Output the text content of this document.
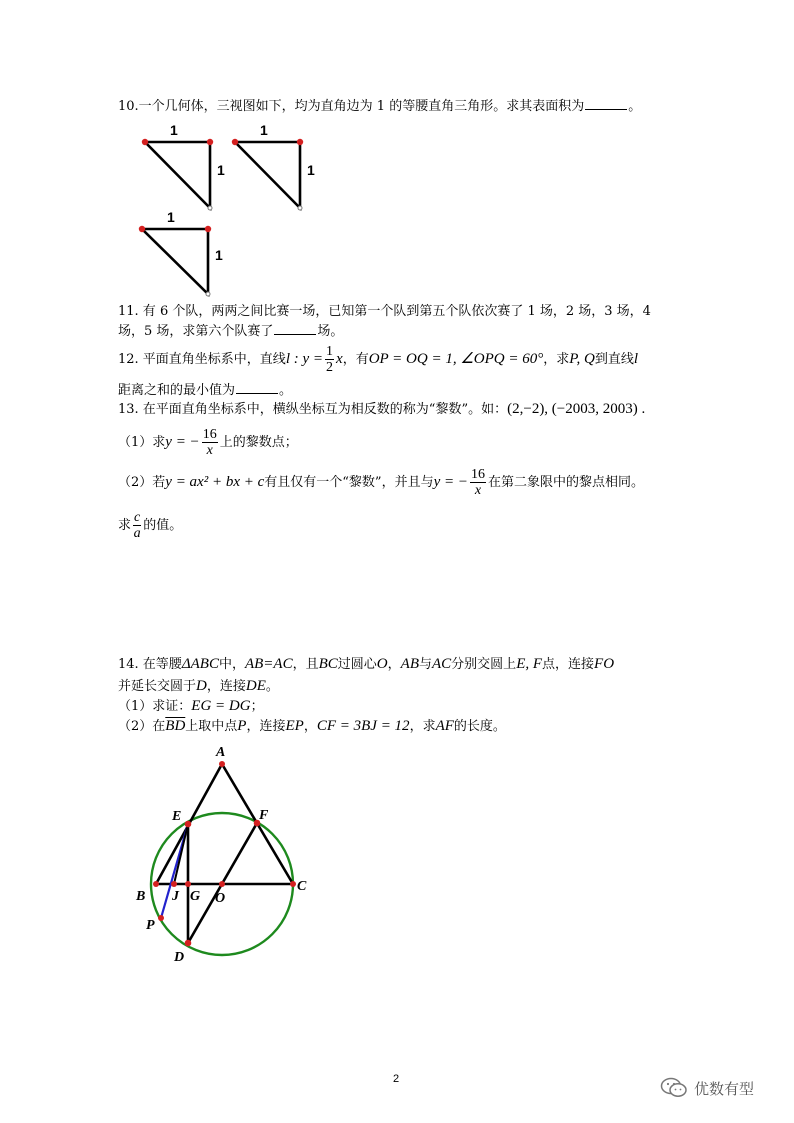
10.一个几何体，三视图如下，均为直角边为 1 的等腰直角三角形。求其表面积为	。
1
1
1
1
1
1
11. 有 6 个队，两两之间比赛一场，已知第一个队到第五个队依次赛了 1 场，2 场，3 场，4
场，5 场，求第六个队赛了	场。
12. 平面直角坐标系中，直线l : $y = \frac{1}{2}$ x，有OP = OQ = 1, ∠OPQ = 60°，求P, Q到直线l
距离之和的最小值为	。
13. 在平面直角坐标系中，横纵坐标互为相反数的称为“黎数”。如：(2,−2), (−2003, 2003) .
（1）求y = − $\frac{16}{x}$ 上的黎数点；
（2）若y = ax² + bx + c有且仅有一个“黎数”，并且与y = − $\frac{16}{x}$ 在第二象限中的黎点相同。
求 $\frac{c}{a}$ 的值。
14. 在等腰ΔABC中，AB=AC，且BC过圆心O，AB与AC分别交圆上E, F点，连接FO
并延长交圆于D，连接DE。
（1）求证：EG = DG；
（2）在$\overline{BD}$上取中点P，连接EP，CF = 3BJ = 12，求AF的长度。
A
E	F
B J G O
C
P
D
2
优数有型
